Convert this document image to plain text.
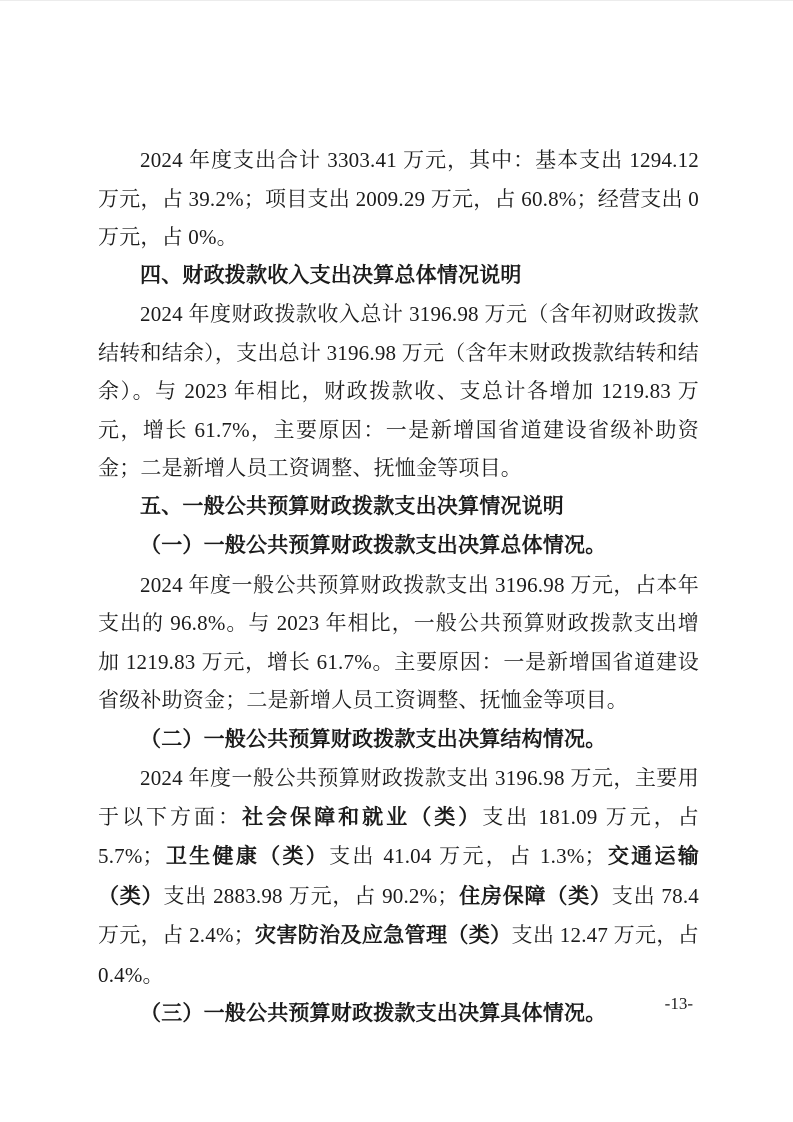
2024 年度支出合计 3303.41 万元，其中：基本支出 1294.12 万元，占 39.2%；项目支出 2009.29 万元，占 60.8%；经营支出 0 万元，占 0%。

四、财政拨款收入支出决算总体情况说明

2024 年度财政拨款收入总计 3196.98 万元（含年初财政拨款结转和结余），支出总计 3196.98 万元（含年末财政拨款结转和结余）。与 2023 年相比，财政拨款收、支总计各增加 1219.83 万元，增长 61.7%，主要原因：一是新增国省道建设省级补助资金；二是新增人员工资调整、抚恤金等项目。

五、一般公共预算财政拨款支出决算情况说明

（一）一般公共预算财政拨款支出决算总体情况。

2024 年度一般公共预算财政拨款支出 3196.98 万元，占本年支出的 96.8%。与 2023 年相比，一般公共预算财政拨款支出增加 1219.83 万元，增长 61.7%。主要原因：一是新增国省道建设省级补助资金；二是新增人员工资调整、抚恤金等项目。

（二）一般公共预算财政拨款支出决算结构情况。

2024 年度一般公共预算财政拨款支出 3196.98 万元，主要用于以下方面：社会保障和就业（类）支出 181.09 万元，占 5.7%；卫生健康（类）支出 41.04 万元，占 1.3%；交通运输（类）支出 2883.98 万元，占 90.2%；住房保障（类）支出 78.4 万元，占 2.4%；灾害防治及应急管理（类）支出 12.47 万元，占 0.4%。

（三）一般公共预算财政拨款支出决算具体情况。	-13-
